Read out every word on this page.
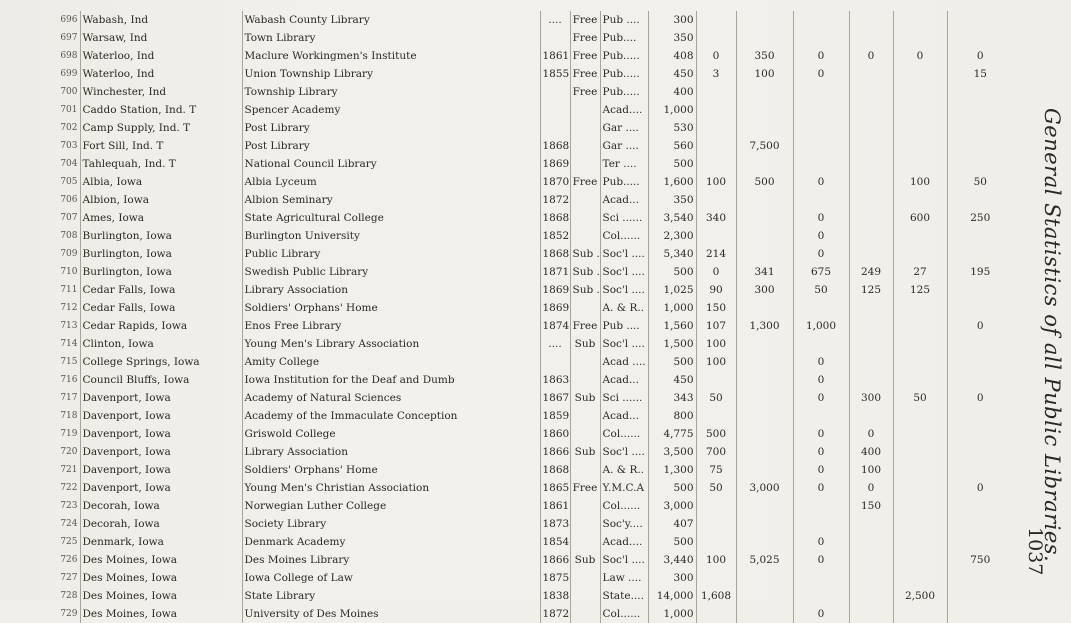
696	Wabash, Ind	Wabash County Library	....	Free	Pub ....	300						
697	Warsaw, Ind	Town Library		Free	Pub....	350						
698	Waterloo, Ind	Maclure Workingmen's Institute	1861	Free	Pub.....	408	0	350	0	0	0	0
699	Waterloo, Ind	Union Township Library	1855	Free	Pub.....	450	3	100	0			15
700	Winchester, Ind	Township Library		Free	Pub.....	400						
701	Caddo Station, Ind. T	Spencer Academy			Acad....	1,000						
702	Camp Supply, Ind. T	Post Library			Gar ....	530						
703	Fort Sill, Ind. T	Post Library	1868		Gar ....	560		7,500				
704	Tahlequah, Ind. T	National Council Library	1869		Ter ....	500						
705	Albia, Iowa	Albia Lyceum	1870	Free	Pub.....	1,600	100	500	0		100	50
706	Albion, Iowa	Albion Seminary	1872		Acad...	350						
707	Ames, Iowa	State Agricultural College	1868		Sci ......	3,540	340		0		600	250
708	Burlington, Iowa	Burlington University	1852		Col......	2,300			0			
709	Burlington, Iowa	Public Library	1868	Sub .	Soc'l ....	5,340	214		0			
710	Burlington, Iowa	Swedish Public Library	1871	Sub .	Soc'l ....	500	0	341	675	249	27	195
711	Cedar Falls, Iowa	Library Association	1869	Sub .	Soc'l ....	1,025	90	300	50	125	125	
712	Cedar Falls, Iowa	Soldiers' Orphans' Home	1869		A. & R..	1,000	150					
713	Cedar Rapids, Iowa	Enos Free Library	1874	Free	Pub ....	1,560	107	1,300	1,000			0
714	Clinton, Iowa	Young Men's Library Association	....	Sub	Soc'l ....	1,500	100					
715	College Springs, Iowa	Amity College			Acad ....	500	100		0			
716	Council Bluffs, Iowa	Iowa Institution for the Deaf and Dumb	1863		Acad...	450			0			
717	Davenport, Iowa	Academy of Natural Sciences	1867	Sub	Sci ......	343	50		0	300	50	0
718	Davenport, Iowa	Academy of the Immaculate Conception	1859		Acad...	800						
719	Davenport, Iowa	Griswold College	1860		Col......	4,775	500		0	0		
720	Davenport, Iowa	Library Association	1866	Sub	Soc'l ....	3,500	700		0	400		
721	Davenport, Iowa	Soldiers' Orphans' Home	1868		A. & R..	1,300	75		0	100		
722	Davenport, Iowa	Young Men's Christian Association	1865	Free	Y.M.C.A	500	50	3,000	0	0		0
723	Decorah, Iowa	Norwegian Luther College	1861		Col......	3,000				150		
724	Decorah, Iowa	Society Library	1873		Soc'y....	407						
725	Denmark, Iowa	Denmark Academy	1854		Acad....	500			0			
726	Des Moines, Iowa	Des Moines Library	1866	Sub	Soc'l ....	3,440	100	5,025	0			750
727	Des Moines, Iowa	Iowa College of Law	1875		Law ....	300						
728	Des Moines, Iowa	State Library	1838		State....	14,000	1,608				2,500	
729	Des Moines, Iowa	University of Des Moines	1872		Col......	1,000			0			
General Statistics of all Public Libraries.
1037
